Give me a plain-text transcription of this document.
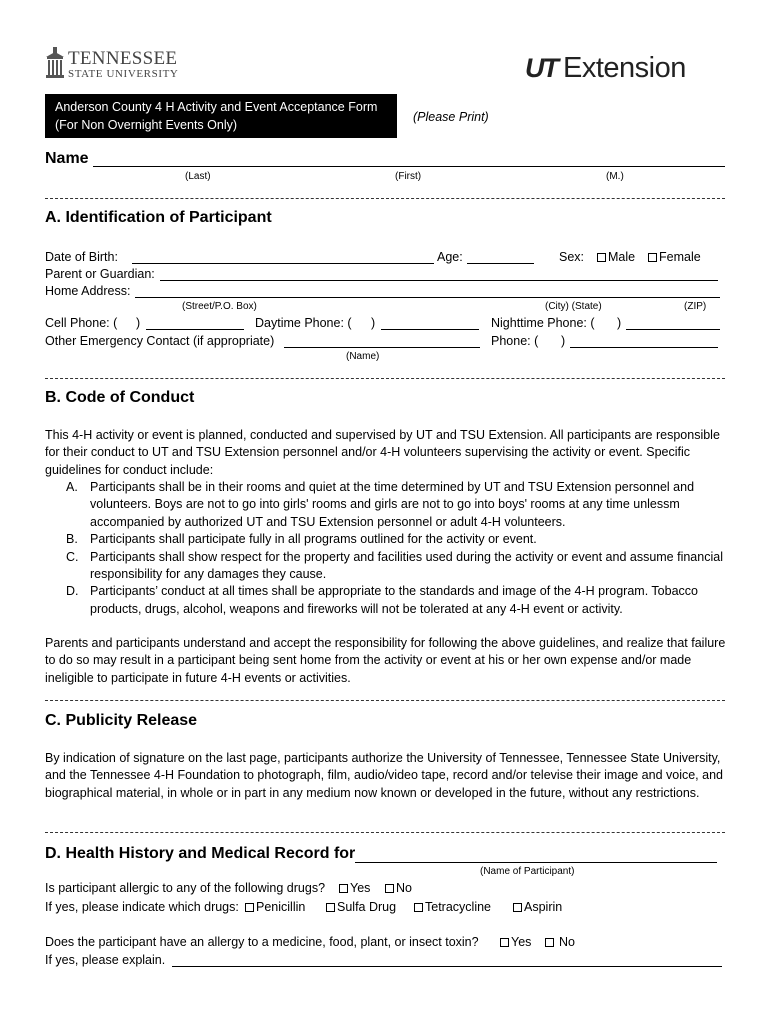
TENNESSEE
STATE UNIVERSITY	UT Extension
Anderson County 4 H Activity and Event Acceptance Form
(For Non Overnight Events Only)
(Please Print)
Name
(Last)	(First)	(M.)
A. Identification of Participant
Date of Birth:	Age:	Sex:	Male	Female
Parent or Guardian:
Home Address:
(Street/P.O. Box)	(City) (State)	(ZIP)
Cell Phone: ( )	Daytime Phone: ( )	Nighttime Phone: ( )
Other Emergency Contact (if appropriate)	Phone: ( )
(Name)
B. Code of Conduct
This 4-H activity or event is planned, conducted and supervised by UT and TSU Extension. All participants are responsible for their conduct to UT and TSU Extension personnel and/or 4-H volunteers supervising the activity or event. Specific guidelines for conduct include:
A. Participants shall be in their rooms and quiet at the time determined by UT and TSU Extension personnel and volunteers. Boys are not to go into girls' rooms and girls are not to go into boys' rooms at any time unlessm accompanied by authorized UT and TSU Extension personnel or adult 4-H volunteers.
B. Participants shall participate fully in all programs outlined for the activity or event.
C. Participants shall show respect for the property and facilities used during the activity or event and assume financial responsibility for any damages they cause.
D. Participants’ conduct at all times shall be appropriate to the standards and image of the 4-H program. Tobacco products, drugs, alcohol, weapons and fireworks will not be tolerated at any 4-H event or activity.
Parents and participants understand and accept the responsibility for following the above guidelines, and realize that failure to do so may result in a participant being sent home from the activity or event at his or her own expense and/or made ineligible to participate in future 4-H events or activities.
C. Publicity Release
By indication of signature on the last page, participants authorize the University of Tennessee, Tennessee State University, and the Tennessee 4-H Foundation to photograph, film, audio/video tape, record and/or televise their image and voice, and biographical material, in whole or in part in any medium now known or developed in the future, without any restrictions.
D. Health History and Medical Record for
(Name of Participant)
Is participant allergic to any of the following drugs?	Yes	No
If yes, please indicate which drugs:	Penicillin	Sulfa Drug	Tetracycline	Aspirin
Does the participant have an allergy to a medicine, food, plant, or insect toxin?	Yes	No
If yes, please explain.
